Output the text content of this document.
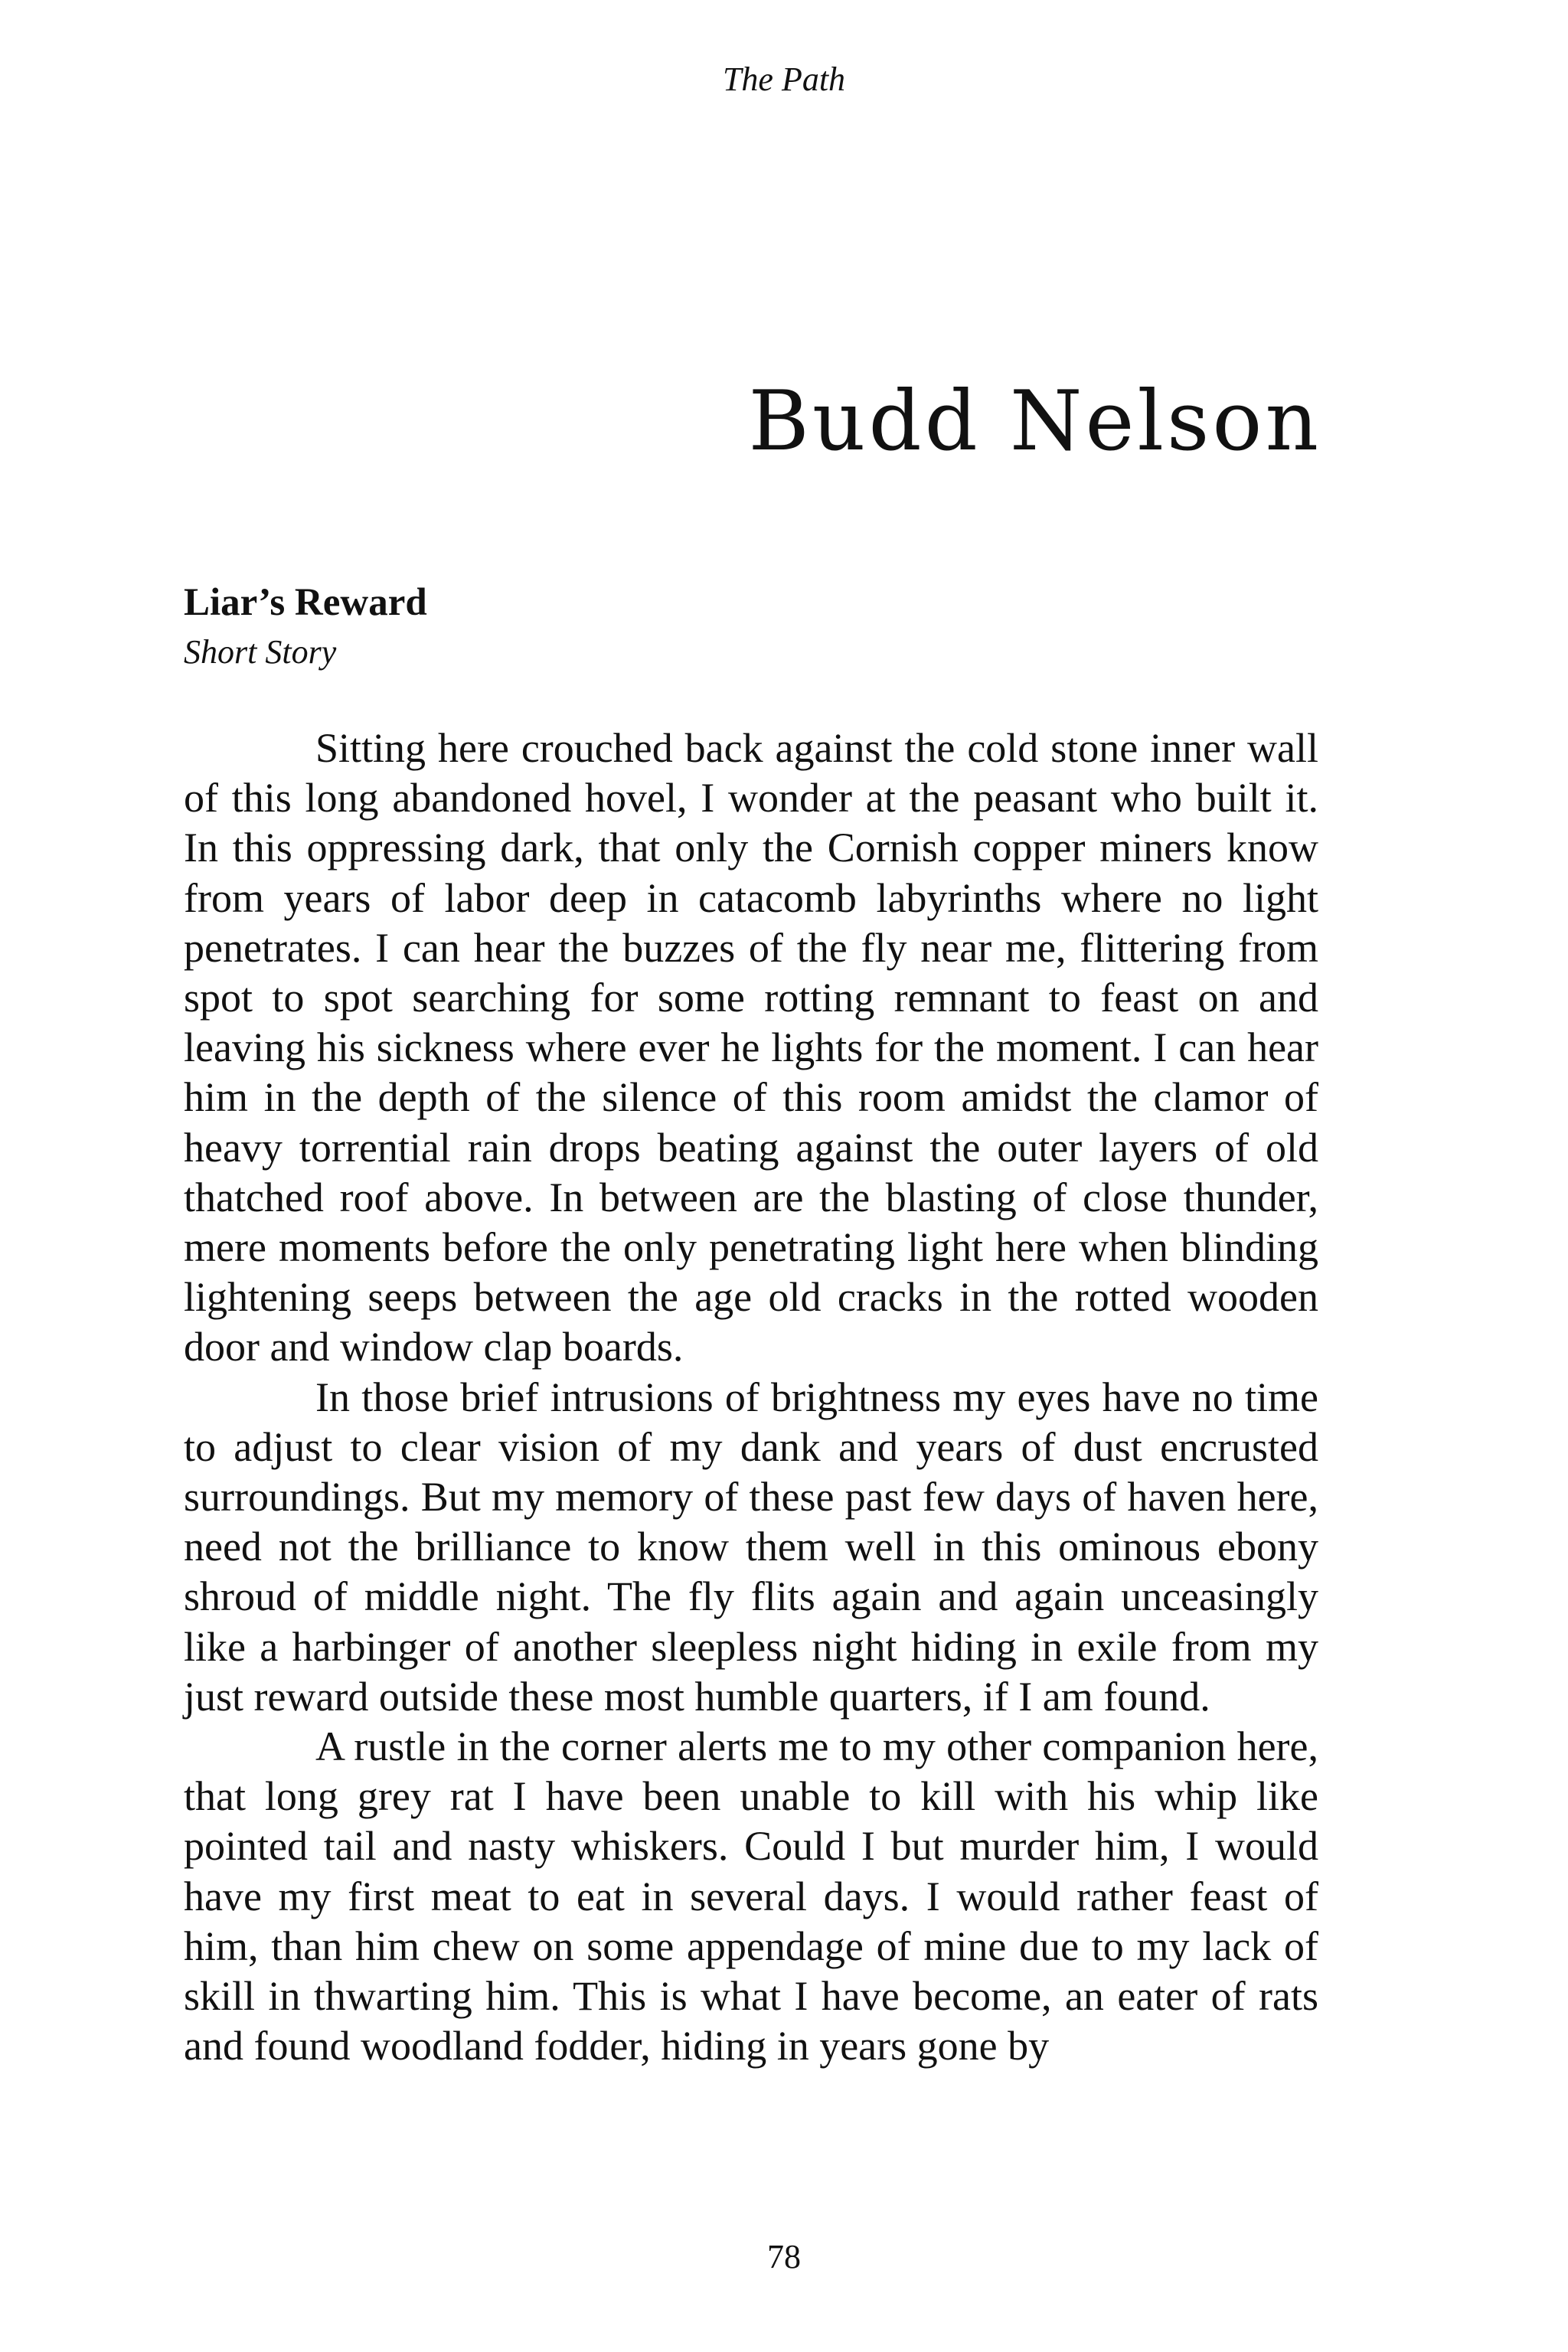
The Path
Budd Nelson
Liar’s Reward
Short Story

Sitting here crouched back against the cold stone inner wall of this long abandoned hovel, I wonder at the peasant who built it. In this oppressing dark, that only the Cornish copper miners know from years of labor deep in catacomb labyrinths where no light penetrates. I can hear the buzzes of the fly near me, flittering from spot to spot searching for some rotting remnant to feast on and leaving his sickness where ever he lights for the moment. I can hear him in the depth of the silence of this room amidst the clamor of heavy torrential rain drops beating against the outer layers of old thatched roof above. In between are the blasting of close thunder, mere moments before the only penetrating light here when blinding lightening seeps between the age old cracks in the rotted wooden door and window clap boards.

In those brief intrusions of brightness my eyes have no time to adjust to clear vision of my dank and years of dust encrusted surroundings. But my memory of these past few days of haven here, need not the brilliance to know them well in this ominous ebony shroud of middle night. The fly flits again and again unceasingly like a harbinger of another sleepless night hiding in exile from my just reward outside these most humble quarters, if I am found.

A rustle in the corner alerts me to my other companion here, that long grey rat I have been unable to kill with his whip like pointed tail and nasty whiskers. Could I but murder him, I would have my first meat to eat in several days. I would rather feast of him, than him chew on some appendage of mine due to my lack of skill in thwarting him. This is what I have become, an eater of rats and found woodland fodder, hiding in years gone by

78
